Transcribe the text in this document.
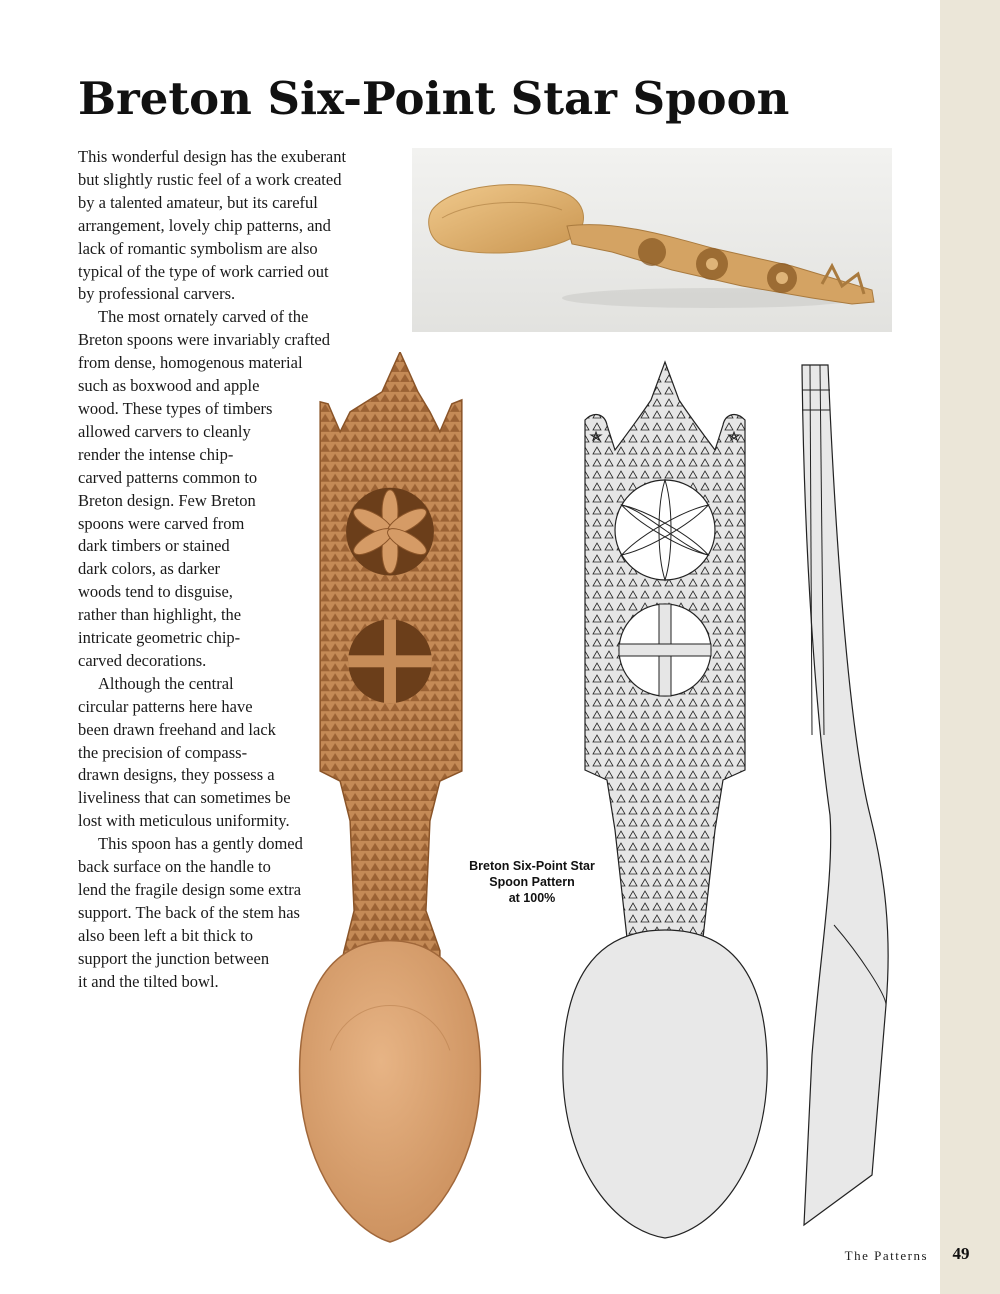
Breton Six-Point Star Spoon

This wonderful design has the exuberant
but slightly rustic feel of a work created
by a talented amateur, but its careful
arrangement, lovely chip patterns, and
lack of romantic symbolism are also
typical of the type of work carried out
by professional carvers.

The most ornately carved of the
Breton spoons were invariably crafted
from dense, homogenous material
such as boxwood and apple
wood. These types of timbers
allowed carvers to cleanly
render the intense chip-
carved patterns common to
Breton design. Few Breton
spoons were carved from
dark timbers or stained
dark colors, as darker
woods tend to disguise,
rather than highlight, the
intricate geometric chip-
carved decorations.

Although the central
circular patterns here have
been drawn freehand and lack
the precision of compass-
drawn designs, they possess a
liveliness that can sometimes be
lost with meticulous uniformity.

This spoon has a gently domed
back surface on the handle to
lend the fragile design some extra
support. The back of the stem has
also been left a bit thick to
support the junction between
it and the tilted bowl.

Breton Six-Point Star
Spoon Pattern
at 100%
The Patterns 49
